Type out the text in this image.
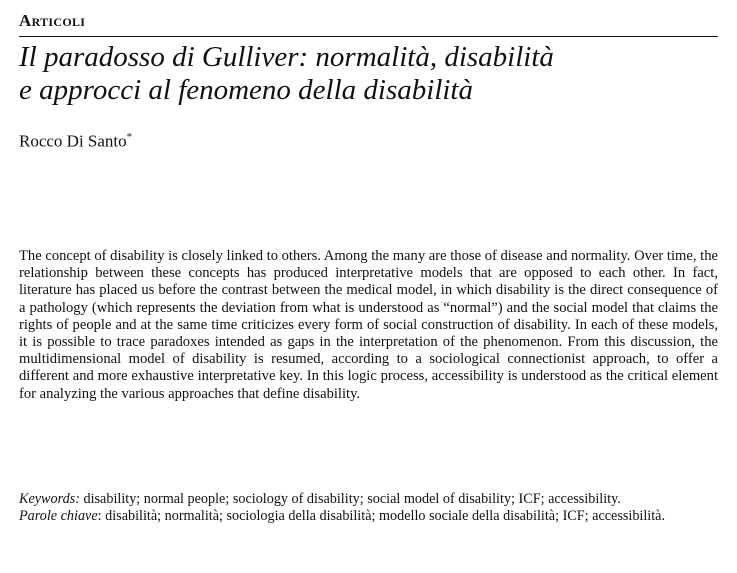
Articoli
Il paradosso di Gulliver: normalità, disabilità
e approcci al fenomeno della disabilità
Rocco Di Santo*

The concept of disability is closely linked to others. Among the many are those of disease and normality. Over time, the relationship between these concepts has produced interpretative models that are opposed to each other. In fact, literature has placed us before the contrast between the medical model, in which disability is the direct consequence of a pathology (which represents the deviation from what is understood as “normal”) and the social model that claims the rights of people and at the same time criticizes every form of social construction of disability. In each of these models, it is possible to trace paradoxes intended as gaps in the interpretation of the phenomenon. From this discussion, the multidimensional model of disability is resumed, according to a sociological connectionist approach, to offer a different and more exhaustive interpretative key. In this logic process, accessibility is understood as the critical element for analyzing the various approaches that define disability.

Keywords: disability; normal people; sociology of disability; social model of disability; ICF; accessibility.

Parole chiave: disabilità; normalità; sociologia della disabilità; modello sociale della disabilità; ICF; accessibilità.
